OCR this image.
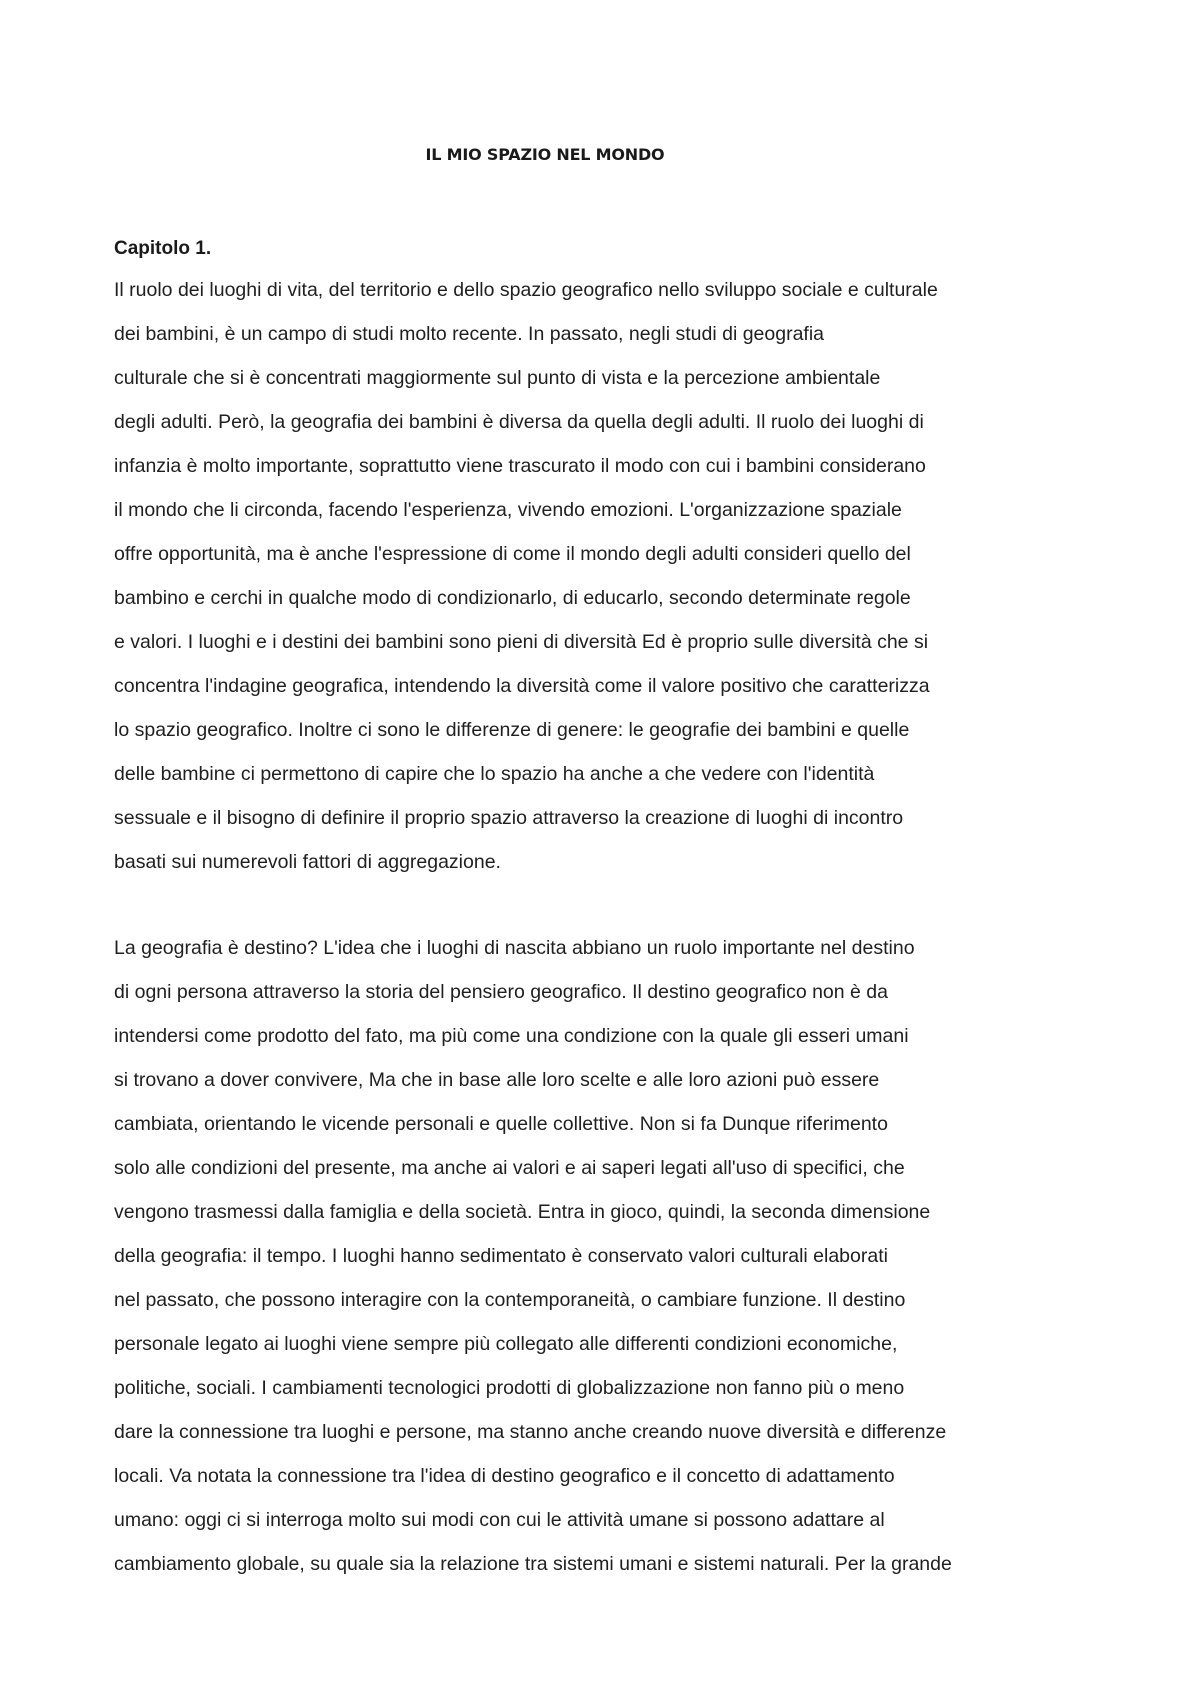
IL MIO SPAZIO NEL MONDO
Capitolo 1.

Il ruolo dei luoghi di vita, del territorio e dello spazio geografico nello sviluppo sociale e culturale

dei bambini, è un campo di studi molto recente. In passato, negli studi di geografia

culturale che si è concentrati maggiormente sul punto di vista e la percezione ambientale

degli adulti. Però, la geografia dei bambini è diversa da quella degli adulti. Il ruolo dei luoghi di

infanzia è molto importante, soprattutto viene trascurato il modo con cui i bambini considerano

il mondo che li circonda, facendo l'esperienza, vivendo emozioni. L'organizzazione spaziale

offre opportunità, ma è anche l'espressione di come il mondo degli adulti consideri quello del

bambino e cerchi in qualche modo di condizionarlo, di educarlo, secondo determinate regole

e valori. I luoghi e i destini dei bambini sono pieni di diversità Ed è proprio sulle diversità che si

concentra l'indagine geografica, intendendo la diversità come il valore positivo che caratterizza

lo spazio geografico. Inoltre ci sono le differenze di genere: le geografie dei bambini e quelle

delle bambine ci permettono di capire che lo spazio ha anche a che vedere con l'identità

sessuale e il bisogno di definire il proprio spazio attraverso la creazione di luoghi di incontro

basati sui numerevoli fattori di aggregazione.

La geografia è destino? L'idea che i luoghi di nascita abbiano un ruolo importante nel destino

di ogni persona attraverso la storia del pensiero geografico. Il destino geografico non è da

intendersi come prodotto del fato, ma più come una condizione con la quale gli esseri umani

si trovano a dover convivere, Ma che in base alle loro scelte e alle loro azioni può essere

cambiata, orientando le vicende personali e quelle collettive. Non si fa Dunque riferimento

solo alle condizioni del presente, ma anche ai valori e ai saperi legati all'uso di specifici, che

vengono trasmessi dalla famiglia e della società. Entra in gioco, quindi, la seconda dimensione

della geografia: il tempo. I luoghi hanno sedimentato è conservato valori culturali elaborati

nel passato, che possono interagire con la contemporaneità, o cambiare funzione. Il destino

personale legato ai luoghi viene sempre più collegato alle differenti condizioni economiche,

politiche, sociali. I cambiamenti tecnologici prodotti di globalizzazione non fanno più o meno

dare la connessione tra luoghi e persone, ma stanno anche creando nuove diversità e differenze

locali. Va notata la connessione tra l'idea di destino geografico e il concetto di adattamento

umano: oggi ci si interroga molto sui modi con cui le attività umane si possono adattare al

cambiamento globale, su quale sia la relazione tra sistemi umani e sistemi naturali. Per la grande
